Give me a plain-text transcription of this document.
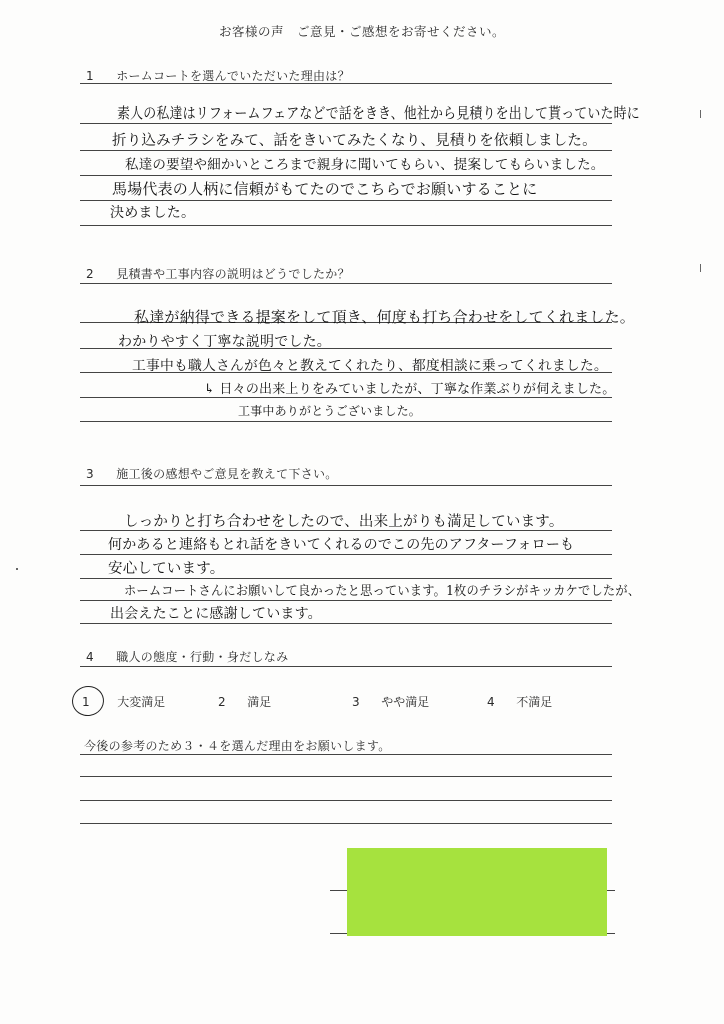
お客様の声　ご意見・ご感想をお寄せください。
1 ホームコートを選んでいただいた理由は？
素人の私達はリフォームフェアなどで話をきき、他社から見積りを出して貰っていた時に
折り込みチラシをみて、話をきいてみたくなり、見積りを依頼しました。
私達の要望や細かいところまで親身に聞いてもらい、提案してもらいました。
馬場代表の人柄に信頼がもてたのでこちらでお願いすることに
決めました。
2 見積書や工事内容の説明はどうでしたか？
私達が納得できる提案をして頂き、何度も打ち合わせをしてくれました。
わかりやすく丁寧な説明でした。
工事中も職人さんが色々と教えてくれたり、都度相談に乗ってくれました。
↳ 日々の出来上りをみていましたが、丁寧な作業ぶりが伺えました。
工事中ありがとうございました。
3 施工後の感想やご意見を教えて下さい。
しっかりと打ち合わせをしたので、出来上がりも満足しています。
何かあると連絡もとれ話をきいてくれるのでこの先のアフターフォローも
安心しています。
ホームコートさんにお願いして良かったと思っています。1枚のチラシがキッカケでしたが、
出会えたことに感謝しています。
4 職人の態度・行動・身だしなみ
1 大変満足	2 満足	3 やや満足	4 不満足
今後の参考のため３・４を選んだ理由をお願いします。
